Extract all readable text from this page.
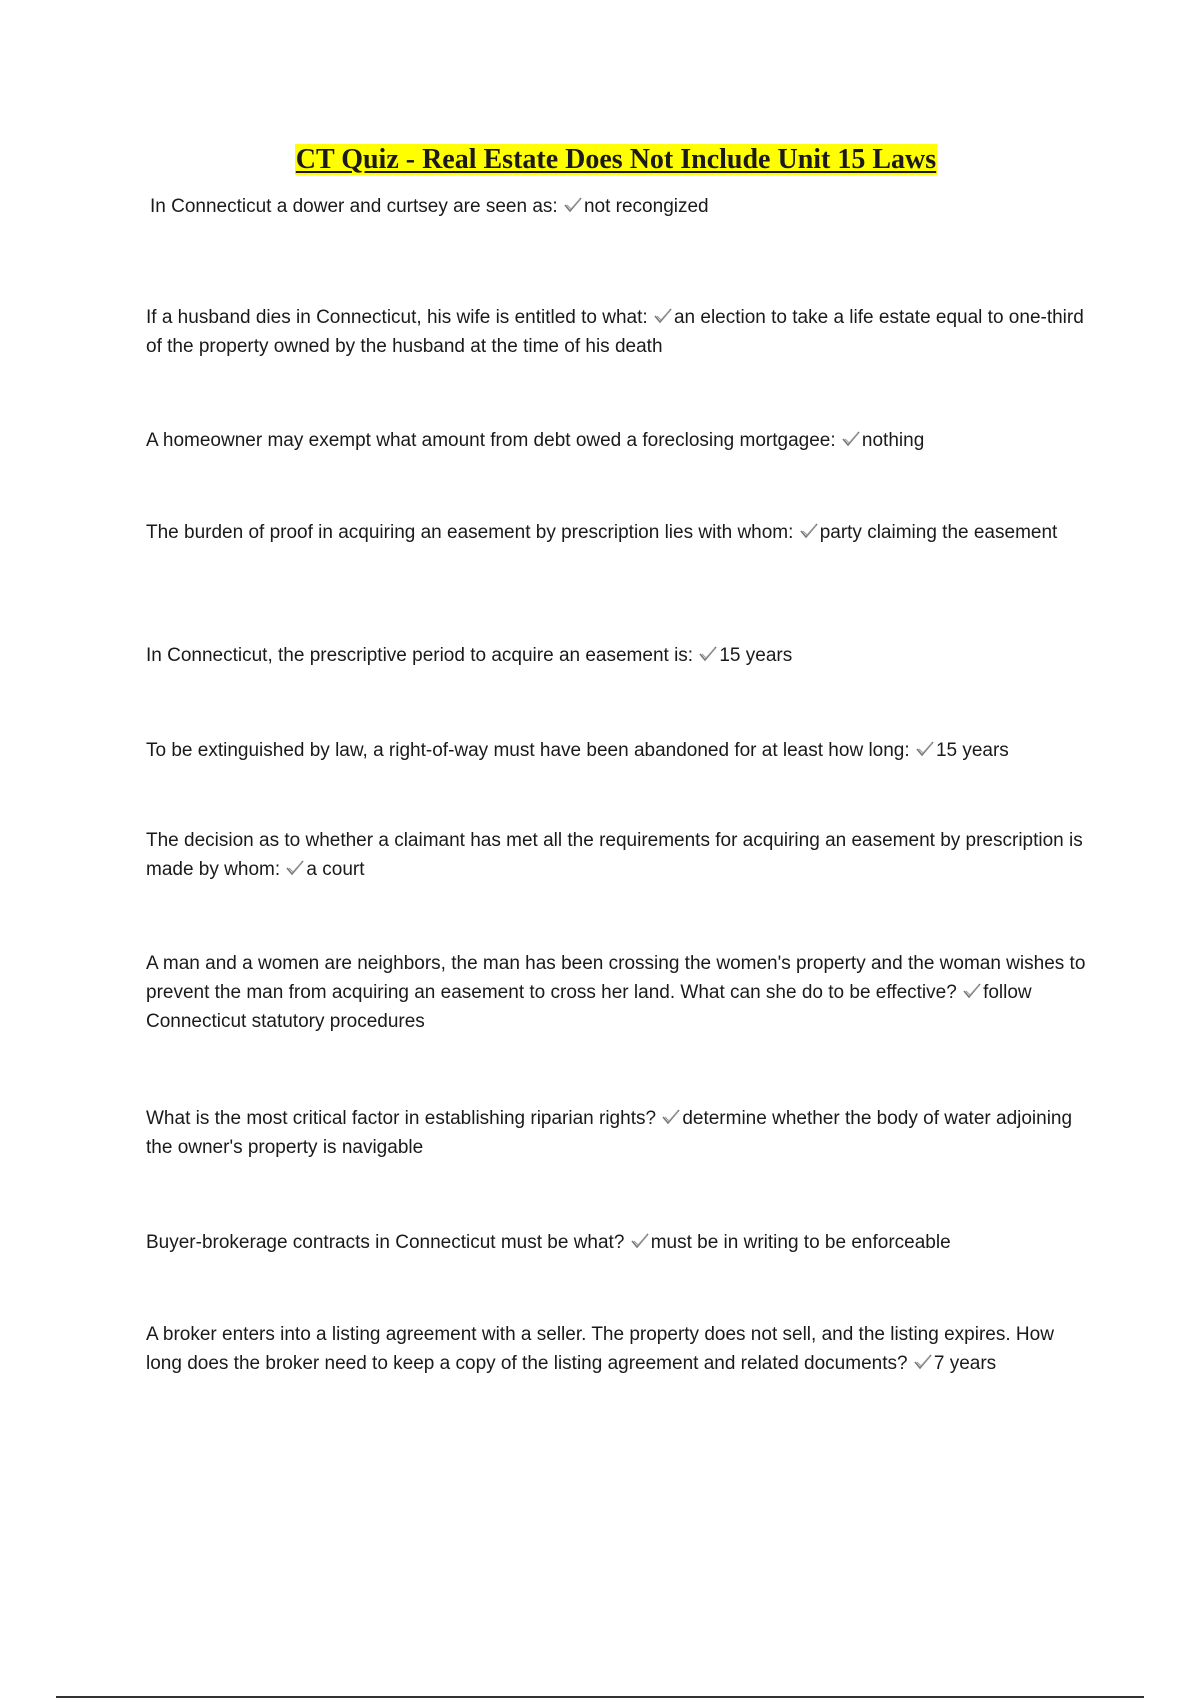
CT Quiz - Real Estate Does Not Include Unit 15 Laws

In Connecticut a dower and curtsey are seen as: not recongized

If a husband dies in Connecticut, his wife is entitled to what: an election to take a life estate equal to one-third of the property owned by the husband at the time of his death

A homeowner may exempt what amount from debt owed a foreclosing mortgagee: nothing

The burden of proof in acquiring an easement by prescription lies with whom: party claiming the easement

In Connecticut, the prescriptive period to acquire an easement is: 15 years

To be extinguished by law, a right-of-way must have been abandoned for at least how long: 15 years

The decision as to whether a claimant has met all the requirements for acquiring an easement by prescription is made by whom: a court

A man and a women are neighbors, the man has been crossing the women's property and the woman wishes to prevent the man from acquiring an easement to cross her land. What can she do to be effective? follow Connecticut statutory procedures

What is the most critical factor in establishing riparian rights? determine whether the body of water adjoining the owner's property is navigable

Buyer-brokerage contracts in Connecticut must be what? must be in writing to be enforceable

A broker enters into a listing agreement with a seller. The property does not sell, and the listing expires. How long does the broker need to keep a copy of the listing agreement and related documents? 7 years
